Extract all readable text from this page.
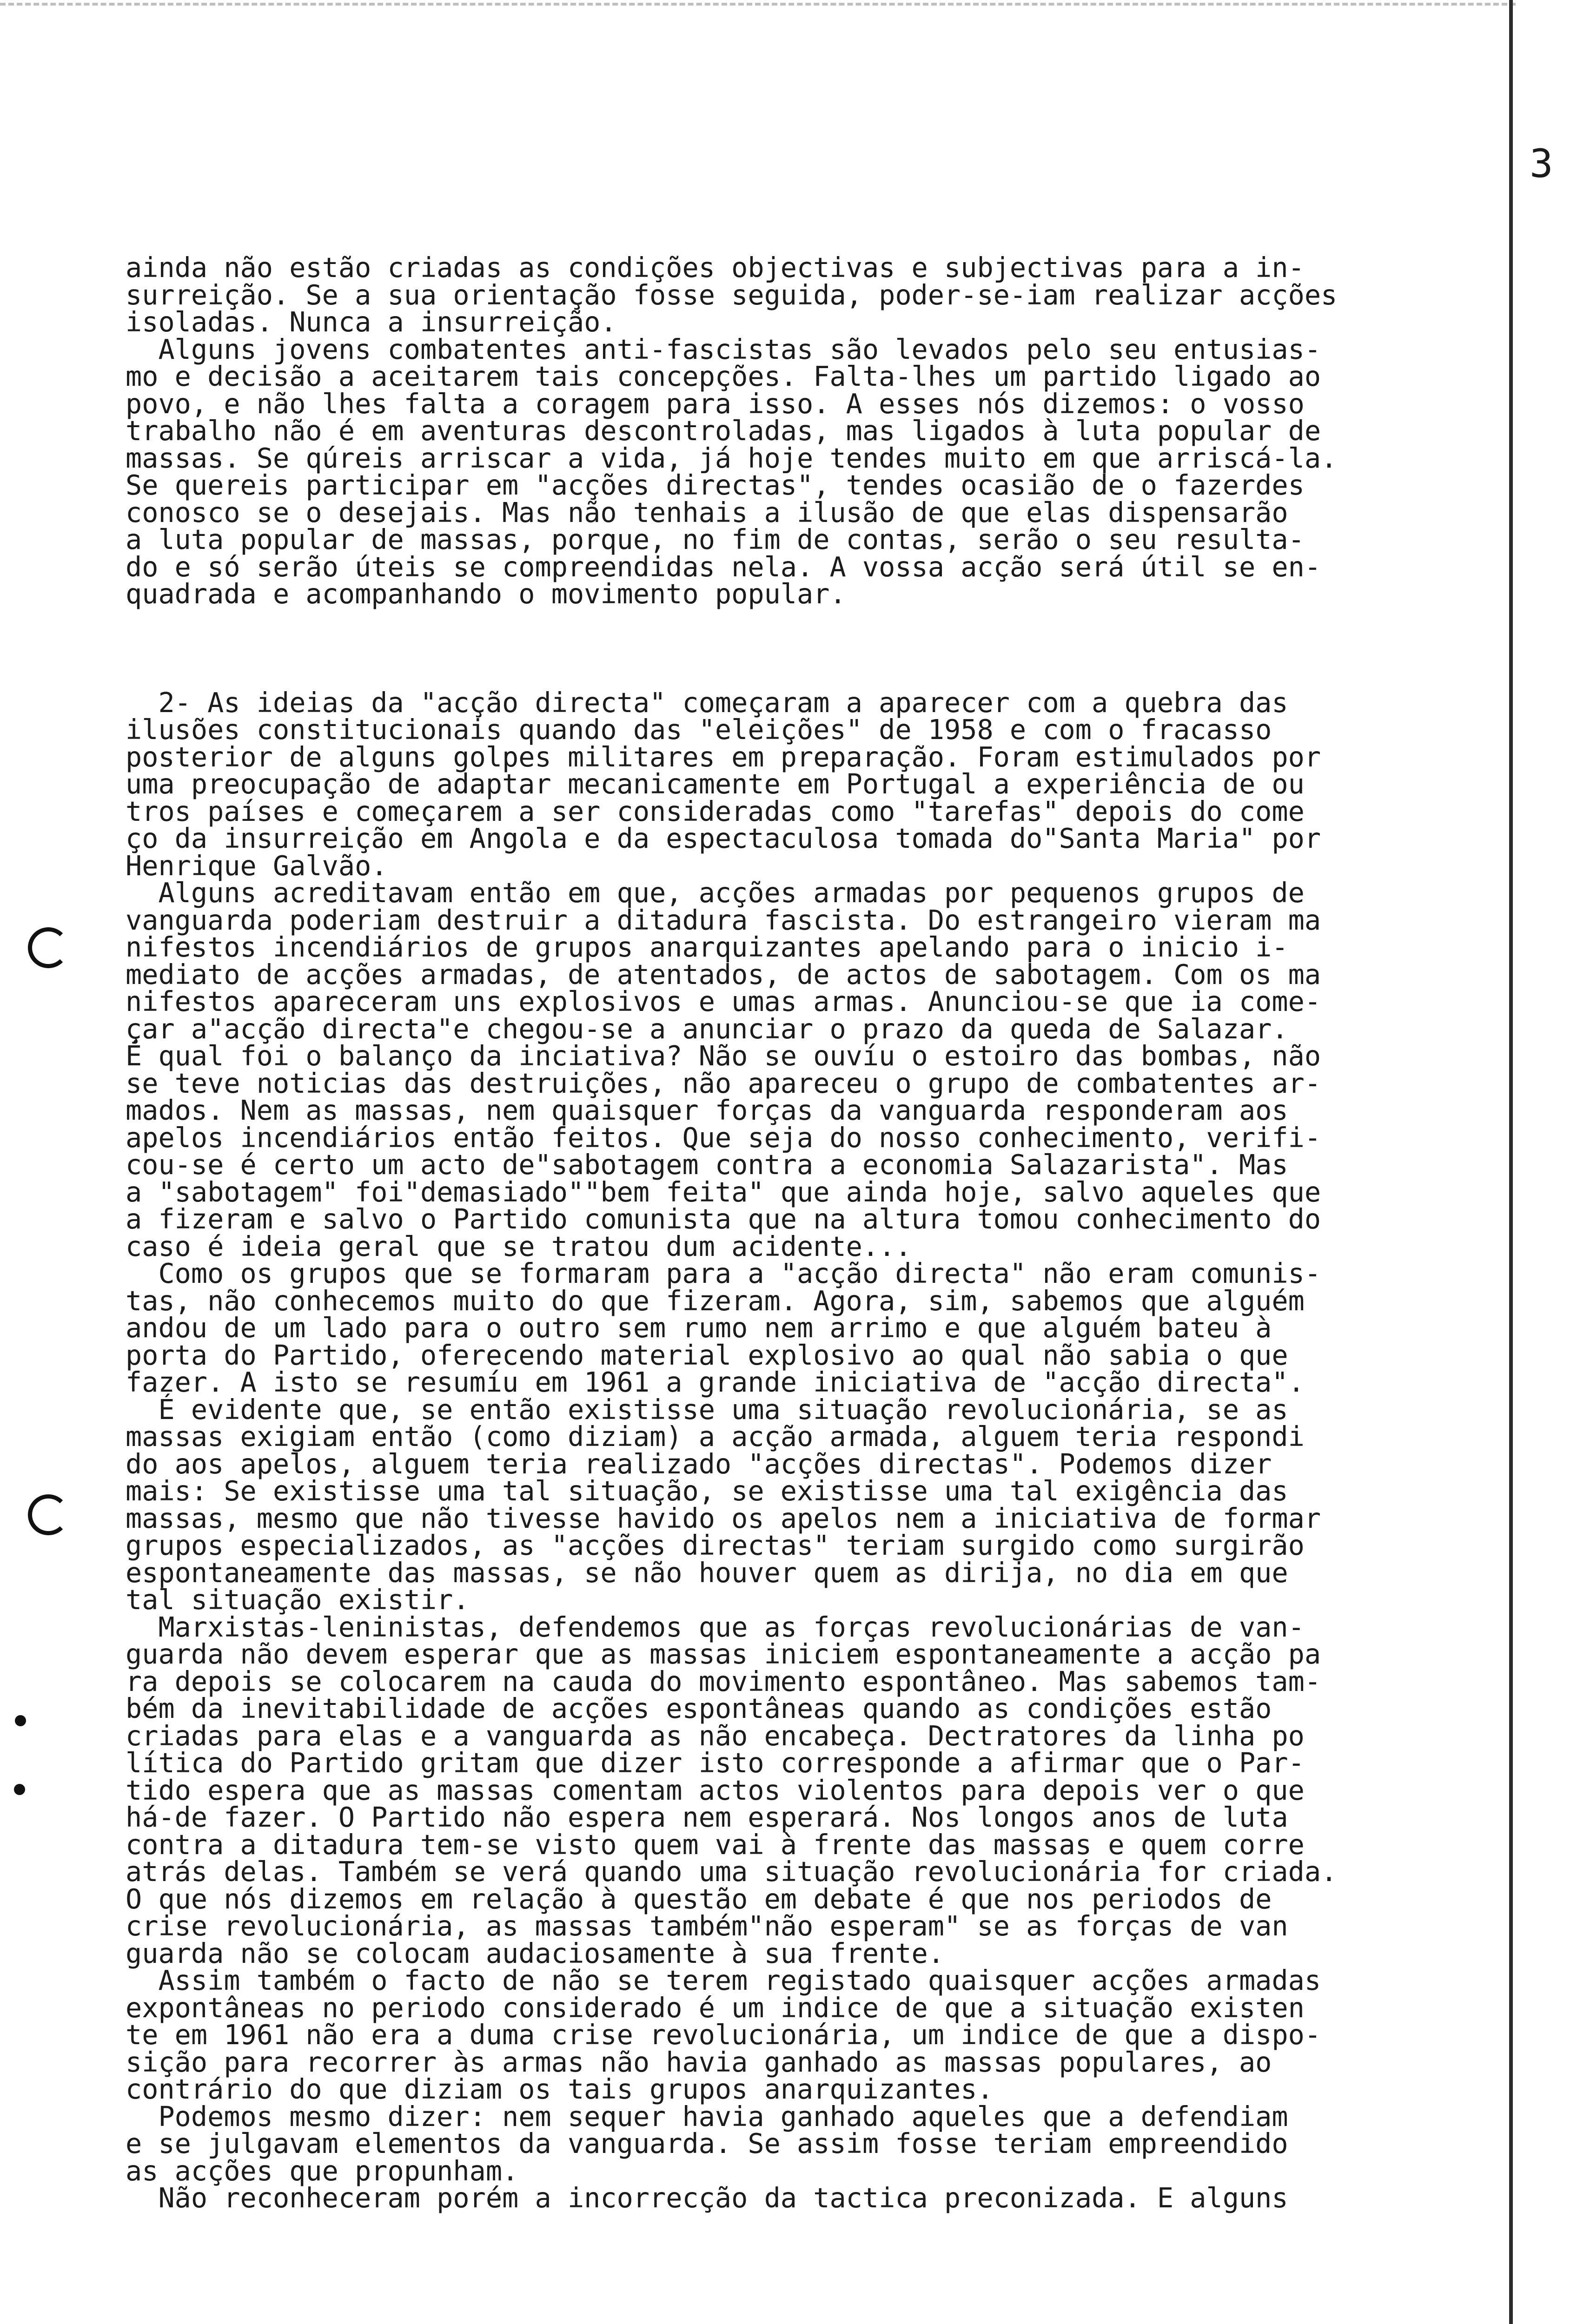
3

ainda não estão criadas as condições objectivas e subjectivas para a in-
surreição. Se a sua orientação fosse seguida, poder-se-iam realizar acções
isoladas. Nunca a insurreição.
Alguns jovens combatentes anti-fascistas são levados pelo seu entusias-
mo e decisão a aceitarem tais concepções. Falta-lhes um partido ligado ao
povo, e não lhes falta a coragem para isso. A esses nós dizemos: o vosso
trabalho não é em aventuras descontroladas, mas ligados à luta popular de
massas. Se qúreis arriscar a vida, já hoje tendes muito em que arriscá-la.
Se quereis participar em "acções directas", tendes ocasião de o fazerdes
conosco se o desejais. Mas não tenhais a ilusão de que elas dispensarão
a luta popular de massas, porque, no fim de contas, serão o seu resulta-
do e só serão úteis se compreendidas nela. A vossa acção será útil se en-
quadrada e acompanhando o movimento popular.

2- As ideias da "acção directa" começaram a aparecer com a quebra das
ilusões constitucionais quando das "eleições" de 1958 e com o fracasso
posterior de alguns golpes militares em preparação. Foram estimulados por
uma preocupação de adaptar mecanicamente em Portugal a experiência de ou
tros países e começarem a ser consideradas como "tarefas" depois do come
ço da insurreição em Angola e da espectaculosa tomada do"Santa Maria" por
Henrique Galvão.
Alguns acreditavam então em que, acções armadas por pequenos grupos de
vanguarda poderiam destruir a ditadura fascista. Do estrangeiro vieram ma
nifestos incendiários de grupos anarquizantes apelando para o inicio i-
mediato de acções armadas, de atentados, de actos de sabotagem. Com os ma
nifestos apareceram uns explosivos e umas armas. Anunciou-se que ia come-
çar a"acção directa"e chegou-se a anunciar o prazo da queda de Salazar.
É qual foi o balanço da inciativa? Não se ouvíu o estoiro das bombas, não
se teve noticias das destruições, não apareceu o grupo de combatentes ar-
mados. Nem as massas, nem quaisquer forças da vanguarda responderam aos
apelos incendiários então feitos. Que seja do nosso conhecimento, verifi-
cou-se é certo um acto de"sabotagem contra a economia Salazarista". Mas
a "sabotagem" foi"demasiado""bem feita" que ainda hoje, salvo aqueles que
a fizeram e salvo o Partido comunista que na altura tomou conhecimento do
caso é ideia geral que se tratou dum acidente...
Como os grupos que se formaram para a "acção directa" não eram comunis-
tas, não conhecemos muito do que fizeram. Agora, sim, sabemos que alguém
andou de um lado para o outro sem rumo nem arrimo e que alguém bateu à
porta do Partido, oferecendo material explosivo ao qual não sabia o que
fazer. A isto se resumíu em 1961 a grande iniciativa de "acção directa".
É evidente que, se então existisse uma situação revolucionária, se as
massas exigiam então (como diziam) a acção armada, alguem teria respondi
do aos apelos, alguem teria realizado "acções directas". Podemos dizer
mais: Se existisse uma tal situação, se existisse uma tal exigência das
massas, mesmo que não tivesse havido os apelos nem a iniciativa de formar
grupos especializados, as "acções directas" teriam surgido como surgirão
espontaneamente das massas, se não houver quem as dirija, no dia em que
tal situação existir.
Marxistas-leninistas, defendemos que as forças revolucionárias de van-
guarda não devem esperar que as massas iniciem espontaneamente a acção pa
ra depois se colocarem na cauda do movimento espontâneo. Mas sabemos tam-
bém da inevitabilidade de acções espontâneas quando as condições estão
criadas para elas e a vanguarda as não encabeça. Dectratores da linha po
lítica do Partido gritam que dizer isto corresponde a afirmar que o Par-
tido espera que as massas comentam actos violentos para depois ver o que
há-de fazer. O Partido não espera nem esperará. Nos longos anos de luta
contra a ditadura tem-se visto quem vai à frente das massas e quem corre
atrás delas. Também se verá quando uma situação revolucionária for criada.
O que nós dizemos em relação à questão em debate é que nos periodos de
crise revolucionária, as massas também"não esperam" se as forças de van
guarda não se colocam audaciosamente à sua frente.
Assim também o facto de não se terem registado quaisquer acções armadas
expontâneas no periodo considerado é um indice de que a situação existen
te em 1961 não era a duma crise revolucionária, um indice de que a dispo-
sição para recorrer às armas não havia ganhado as massas populares, ao
contrário do que diziam os tais grupos anarquizantes.
Podemos mesmo dizer: nem sequer havia ganhado aqueles que a defendiam
e se julgavam elementos da vanguarda. Se assim fosse teriam empreendido
as acções que propunham.
Não reconheceram porém a incorrecção da tactica preconizada. E alguns
